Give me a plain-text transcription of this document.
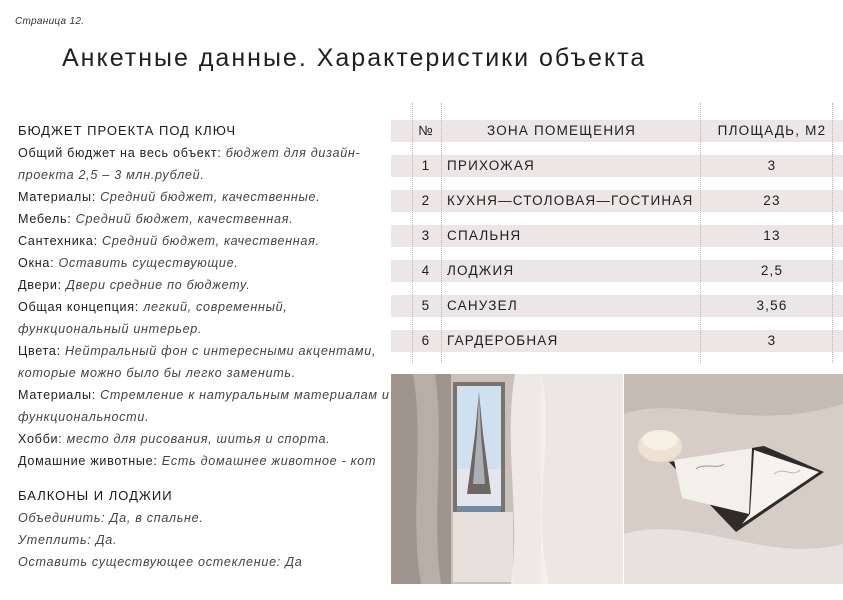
Страница 12.
Анкетные данные. Характеристики объекта
БЮДЖЕТ ПРОЕКТА ПОД КЛЮЧ
Общий бюджет на весь объект: бюджет для дизайн-проекта 2,5 – 3 млн.рублей.
Материалы: Средний бюджет, качественные.
Мебель: Средний бюджет, качественная.
Сантехника: Средний бюджет, качественная.
Окна: Оставить существующие.
Двери: Двери средние по бюджету.
Общая концепция: легкий, современный, функциональный интерьер.
Цвета: Нейтральный фон с интересными акцентами, которые можно было бы легко заменить.
Материалы: Стремление к натуральным материалам и функциональности.
Хобби: место для рисования, шитья и спорта.
Домашние животные: Есть домашнее животное - кот
БАЛКОНЫ И ЛОДЖИИ
Объединить: Да, в спальне.
Утеплить: Да.
Оставить существующее остекление: Да
№	ЗОНА ПОМЕЩЕНИЯ	ПЛОЩАДЬ, М2
1	ПРИХОЖАЯ	3
2	КУХНЯ—СТОЛОВАЯ—ГОСТИНАЯ	23
3	СПАЛЬНЯ	13
4	ЛОДЖИЯ	2,5
5	САНУЗЕЛ	3,56
6	ГАРДЕРОБНАЯ	3
